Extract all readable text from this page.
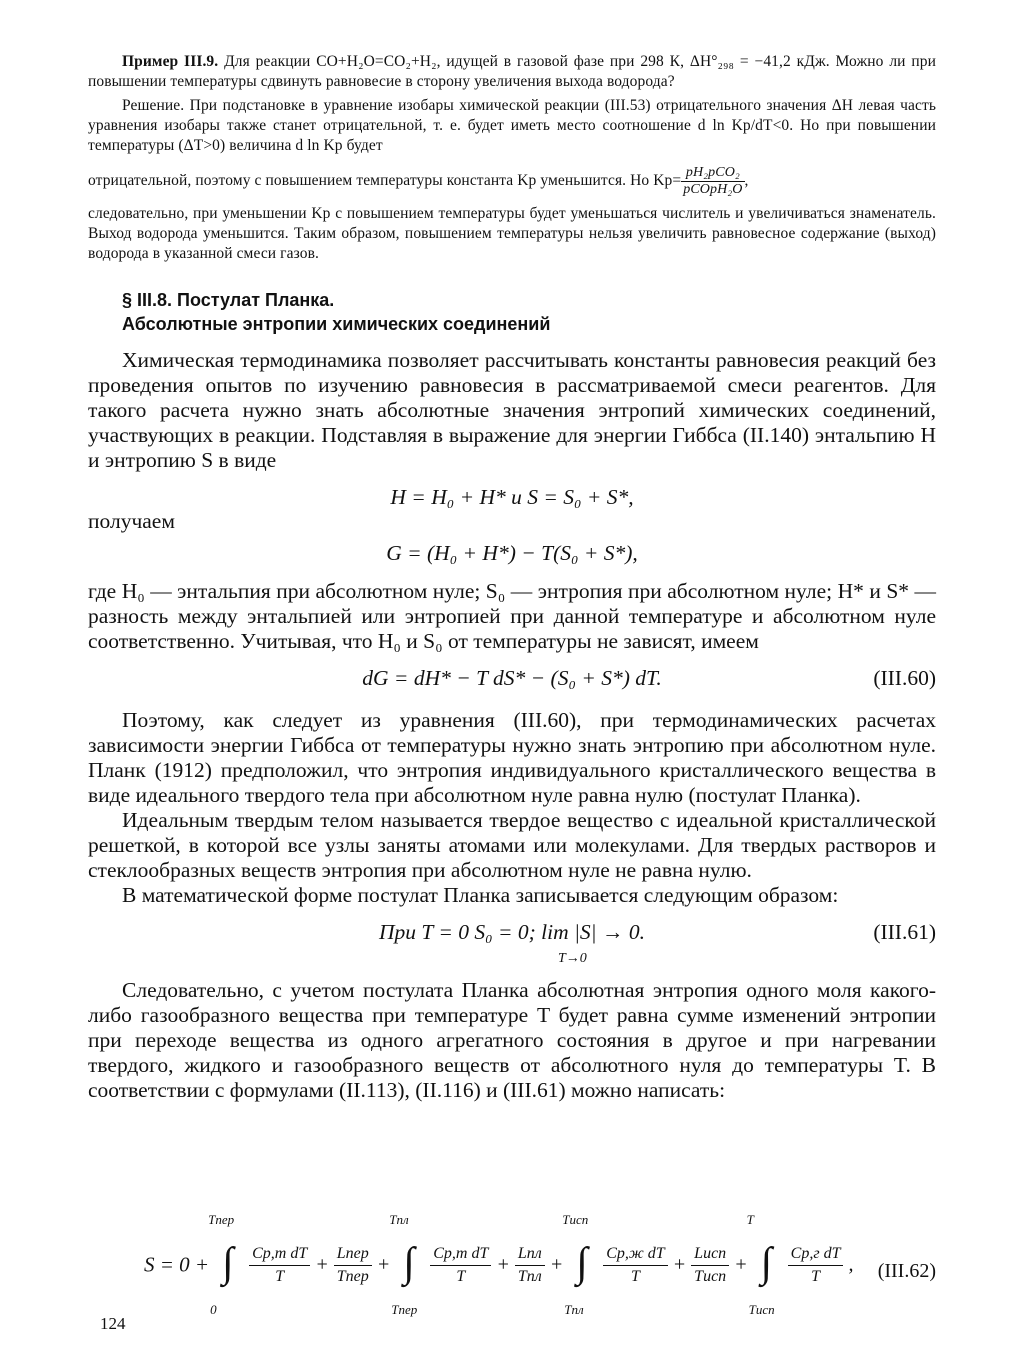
Пример III.9. Для реакции CO+H₂O=CO₂+H₂, идущей в газовой фазе при 298 К, ΔH°₂₉₈ = −41,2 кДж. Можно ли при повышении температуры сдвинуть равновесие в сторону увеличения выхода водорода?

Решение. При подстановке в уравнение изобары химической реакции (III.53) отрицательного значения ΔH левая часть уравнения изобары также станет отрицательной, т. е. будет иметь место соотношение d ln Kp/dT<0. Но при повышении температуры (ΔT>0) величина d ln Kp будет

отрицательной, поэтому с повышением температуры константа Kp уменьшится. Но $Kp= \frac{\text{pH₂pCO₂}}{\text{pCOpH₂O}}$ ,

следовательно, при уменьшении Kp с повышением температуры будет уменьшаться числитель и увеличиваться знаменатель. Выход водорода уменьшится. Таким образом, повышением температуры нельзя увеличить равновесное содержание (выход) водорода в указанной смеси газов.

§ III.8. Постулат Планка.
Абсолютные энтропии химических соединений

Химическая термодинамика позволяет рассчитывать константы равновесия реакций без проведения опытов по изучению равновесия в рассматриваемой смеси реагентов. Для такого расчета нужно знать абсолютные значения энтропий химических соединений, участвующих в реакции. Подставляя в выражение для энергии Гиббса (II.140) энтальпию H и энтропию S в виде

H = H₀ + H* и S = S₀ + S*,
получаем
G = (H₀ + H*) − T(S₀ + S*),

где H₀ — энтальпия при абсолютном нуле; S₀ — энтропия при абсолютном нуле; H* и S* — разность между энтальпией или энтропией при данной температуре и абсолютном нуле соответственно. Учитывая, что H₀ и S₀ от температуры не зависят, имеем

dG = dH* − T dS* − (S₀ + S*) dT.	(III.60)

Поэтому, как следует из уравнения (III.60), при термодинамических расчетах зависимости энергии Гиббса от температуры нужно знать энтропию при абсолютном нуле. Планк (1912) предположил, что энтропия индивидуального кристаллического вещества в виде идеального твердого тела при абсолютном нуле равна нулю (постулат Планка).

Идеальным твердым телом называется твердое вещество с идеальной кристаллической решеткой, в которой все узлы заняты атомами или молекулами. Для твердых растворов и стеклообразных веществ энтропия при абсолютном нуле не равна нулю.

В математической форме постулат Планка записывается следующим образом:

При T = 0 S₀ = 0; lim |S| → 0.
T→0
(III.61)

Следовательно, с учетом постулата Планка абсолютная энтропия одного моля какого-либо газообразного вещества при температуре T будет равна сумме изменений энтропии при переходе вещества из одного агрегатного состояния в другое и при нагревании твердого, жидкого и газообразного веществ от абсолютного нуля до температуры T. В соответствии с формулами (II.113), (II.116) и (III.61) можно написать:

S = 0 + ∫
Tпер
0

Cp,т dT
T
+
Lпер
Tпер
+ ∫
Tпл
Tпер

Cp,т dT
T
+
Lпл
Tпл
+ ∫
Tисп
Tпл

Cp,ж dT
T
+
Lисп
Tисп
+ ∫
T
Tисп

Cp,г dT
T
, (III.62)
124
